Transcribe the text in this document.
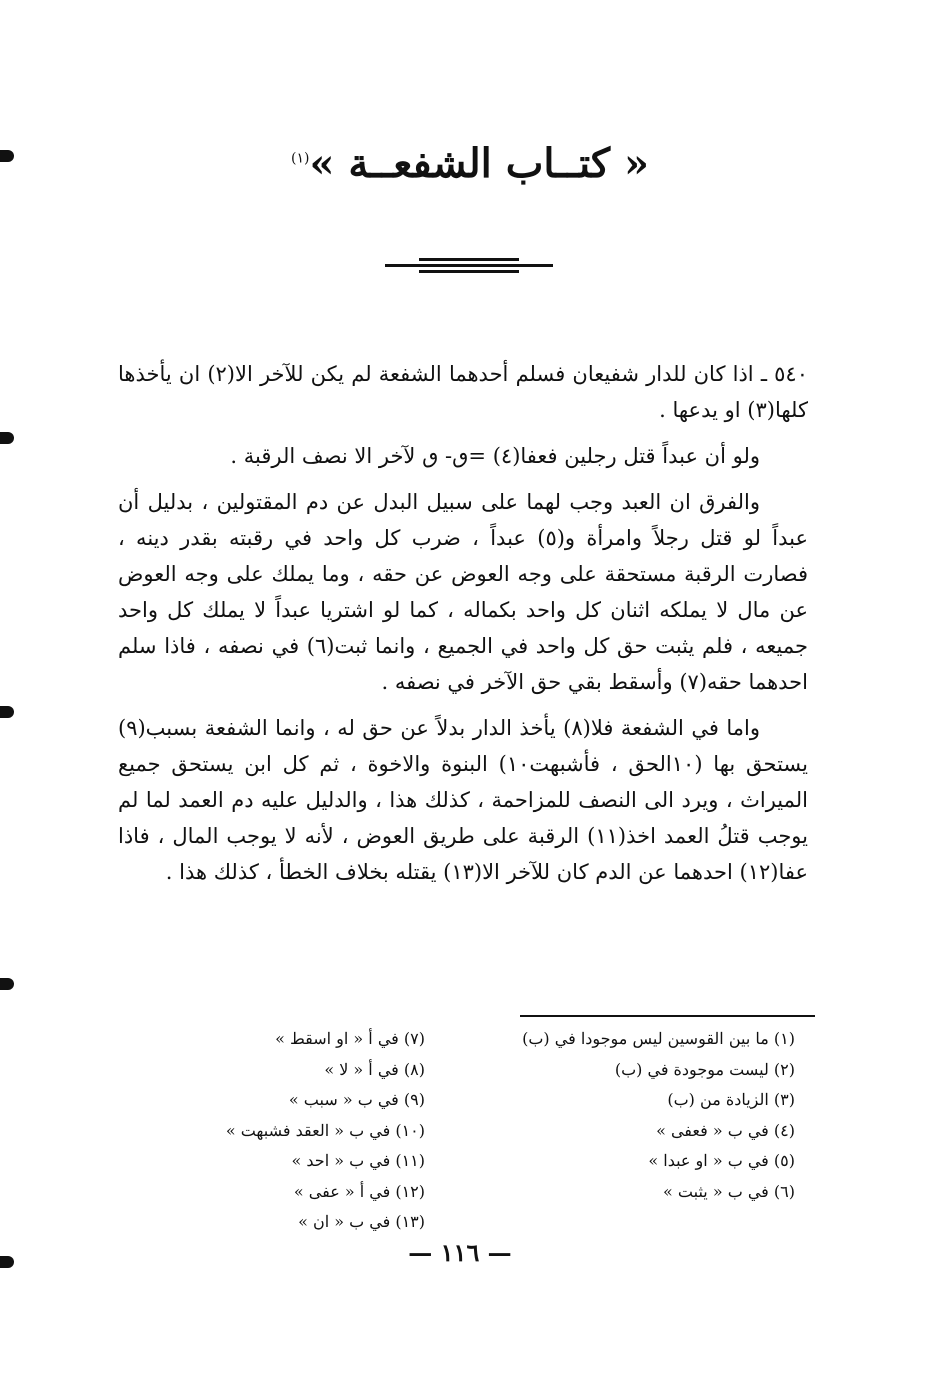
« كتــاب الشفعــة »$^{(١)}$

٥٤٠ ـ اذا كان للدار شفيعان فسلم أحدهما الشفعة لم يكن للآخر الا(٢) ان يأخذها كلها(٣) او يدعها .

ولو أن عبداً قتل رجلين فعفا(٤) =ٯ- ٯ لآخر الا نصف الرقبة .

والفرق ان العبد وجب لهما على سبيل البدل عن دم المقتولين ، بدليل أن عبداً لو قتل رجلاً وامرأة و(٥) عبداً ، ضرب كل واحد في رقبته بقدر دينه ، فصارت الرقبة مستحقة على وجه العوض عن حقه ، وما يملك على وجه العوض عن مال لا يملكه اثنان كل واحد بكماله ، كما لو اشتريا عبداً لا يملك كل واحد جميعه ، فلم يثبت حق كل واحد في الجميع ، وانما ثبت(٦) في نصفه ، فاذا سلم احدهما حقه(٧) وأسقط بقي حق الآخر في نصفه .

واما في الشفعة فلا(٨) يأخذ الدار بدلاً عن حق له ، وانما الشفعة بسبب(٩) يستحق بها (١٠الحق ، فأشبهت١٠) البنوة والاخوة ، ثم كل ابن يستحق جميع الميراث ، ويرد الى النصف للمزاحمة ، كذلك هذا ، والدليل عليه دم العمد لما لم يوجب قتلُ العمد اخذ(١١) الرقبة على طريق العوض ، لأنه لا يوجب المال ، فاذا عفا(١٢) احدهما عن الدم كان للآخر الا(١٣) يقتله بخلاف الخطأ ، كذلك هذا .

(١) ما بين القوسين ليس موجودا في (ب)
(٢) ليست موجودة في (ب)
(٣) الزيادة من (ب)
(٤) في ب « فعفى »
(٥) في ب « او عبدا »
(٦) في ب « يثبت »
(٧) في أ « او اسقط »
(٨) في أ « لا »
(٩) في ب « سبب »
(١٠) في ب « العقد فشبهت »
(١١) في ب « احد »
(١٢) في أ « عفى »
(١٣) في ب « ان »
— ١١٦ —
